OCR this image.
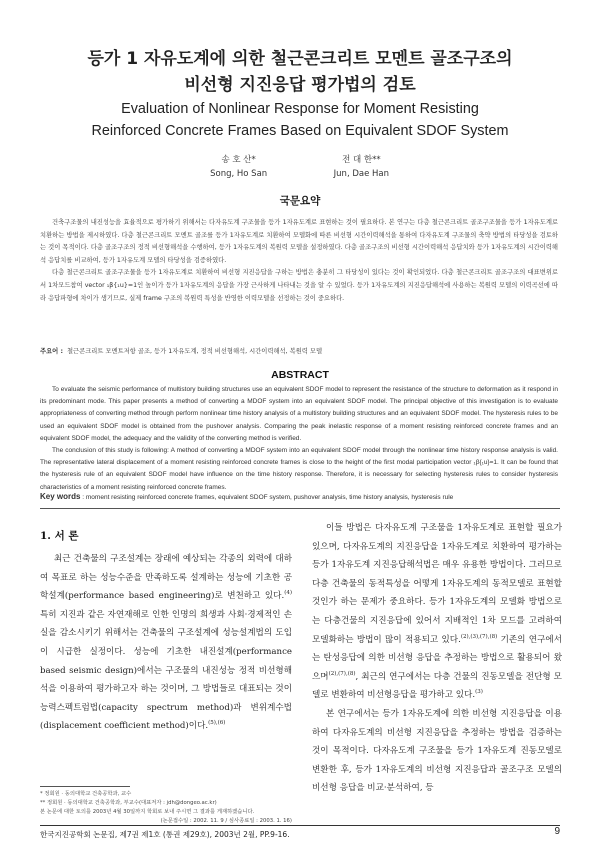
등가 1 자유도계에 의한 철근콘크리트 모멘트 골조구조의
비선형 지진응답 평가법의 검토
Evaluation of Nonlinear Response for Moment Resisting
Reinforced Concrete Frames Based on Equivalent SDOF System
송 호 산*
Song, Ho San 전 대 한**
Jun, Dae Han
국문요약

건축구조물의 내진성능을 효율적으로 평가하기 위해서는 다자유도계 구조물을 등가 1자유도계로 표현하는 것이 필요하다. 본 연구는 다층 철근콘크리트 골조구조물을 등가 1자유도계로 치환하는 방법을 제시하였다. 다층 철근콘크리트 모멘트 골조를 등가 1자유도계로 치환하여 모델화에 따른 비선형 시간이력해석을 통하여 다자유도계 구조물의 축약 방법의 타당성을 검토하는 것이 목적이다. 다층 골조구조의 정적 비선형해석을 수행하여, 등가 1자유도계의 복원력 모델을 설정하였다. 다층 골조구조의 비선형 시간이력해석 응답치와 등가 1자유도계의 시간이력해석 응답치를 비교하여, 등가 1자유도계 모델의 타당성을 검증하였다.

다층 철근콘크리트 골조구조물을 등가 1자유도계로 치환하여 비선형 지진응답을 구하는 방법은 충분히 그 타당성이 있다는 것이 확인되었다. 다층 철근콘크리트 골조구조의 대표변위로서 1차모드참여 vector ₁β{₁u}=1인 높이가 등가 1자유도계의 응답을 가장 근사하게 나타내는 것을 알 수 있었다. 등가 1자유도계의 지진응답해석에 사용하는 복원력 모델의 이력곡선에 따라 응답파형에 차이가 생기므로, 실제 frame 구조의 복원력 특성을 반영한 이력모델을 선정하는 것이 중요하다.

주요어 : 철근콘크리트 모멘트저항 골조, 등가 1자유도계, 정적 비선형해석, 시간이력해석, 복원력 모델
ABSTRACT

To evaluate the seismic performance of multistory building structures use an equivalent SDOF model to represent the resistance of the structure to deformation as it respond in its predominant mode. This paper presents a method of converting a MDOF system into an equivalent SDOF model. The principal objective of this investigation is to evaluate appropriateness of converting method through perform nonlinear time history analysis of a multistory building structures and an equivalent SDOF model. The hysteresis rules to be used an equivalent SDOF model is obtained from the pushover analysis. Comparing the peak inelastic response of a moment resisting reinforced concrete frames and an equivalent SDOF model, the adequacy and the validity of the converting method is verified.

The conclusion of this study is following: A method of converting a MDOF system into an equivalent SDOF model through the nonlinear time history response analysis is valid. The representative lateral displacement of a moment resisting reinforced concrete frames is close to the height of the first modal participation vector ₁β{₁u}=1. It can be found that the hysteresis rule of an equivalent SDOF model have influence on the time history response. Therefore, it is necessary for selecting hysteresis rules to consider hysteresis characteristics of a moment resisting reinforced concrete frames.

Key words : moment resisting reinforced concrete frames, equivalent SDOF system, pushover analysis, time history analysis, hysteresis rule
1. 서 론

최근 건축물의 구조설계는 장래에 예상되는 각종의 외력에 대하여 목표로 하는 성능수준을 만족하도록 설계하는 성능에 기초한 공학설계(performance based engineering)로 변천하고 있다.$^{(4)}$ 특히 지진과 같은 자연재해로 인한 인명의 희생과 사회·경제적인 손실을 감소시키기 위해서는 건축물의 구조설계에 성능설계법의 도입이 시급한 실정이다. 성능에 기초한 내진설계(performance based seismic design)에서는 구조물의 내진성능 정적 비선형해석을 이용하여 평가하고자 하는 것이며, 그 방법들로 대표되는 것이 능력스펙트럼법(capacity spectrum method)과 변위계수법(displacement coefficient method)이다.$^{(5),(6)}$

이들 방법은 다자유도계 구조물을 1자유도계로 표현할 필요가 있으며, 다자유도계의 지진응답을 1자유도계로 치환하여 평가하는 등가 1자유도계 지진응답해석법은 매우 유용한 방법이다. 그러므로 다층 건축물의 동적특성을 어떻게 1자유도계의 동적모델로 표현할 것인가 하는 문제가 중요하다. 등가 1자유도계의 모델화 방법으로는 다층건물의 지진응답에 있어서 지배적인 1차 모드를 고려하여 모델화하는 방법이 많이 적용되고 있다.$^{(2),(3),(7),(8)}$ 기존의 연구에서는 탄성응답에 의한 비선형 응답을 추정하는 방법으로 활용되어 왔으며$^{(2),(7),(8)}$, 최근의 연구에서는 다층 건물의 진동모델을 전단형 모델로 변환하여 비선형응답을 평가하고 있다.$^{(3)}$

본 연구에서는 등가 1자유도계에 의한 비선형 지진응답을 이용하여 다자유도계의 비선형 지진응답을 추정하는 방법을 검증하는 것이 목적이다. 다자유도계 구조물을 등가 1자유도계 진동모델로 변환한 후, 등가 1자유도계의 비선형 지진응답과 골조구조 모델의 비선형 응답을 비교·분석하여, 등

* 정회원 · 동의대학교 건축공학과, 교수
** 정회원 · 동의대학교 건축공학과, 부교수(대표저자 : jdh@dongeo.ac.kr)
본 논문에 대한 토의를 2003년 4월 30일까지 학회로 보내 주시면 그 결과를 게재하겠습니다.
(논문접수일 : 2002. 11. 9 / 심사종료일 : 2003. 1. 16)
한국지진공학회 논문집, 제7권 제1호 (통권 제29호), 2003년 2월, PP.9-16.	9
